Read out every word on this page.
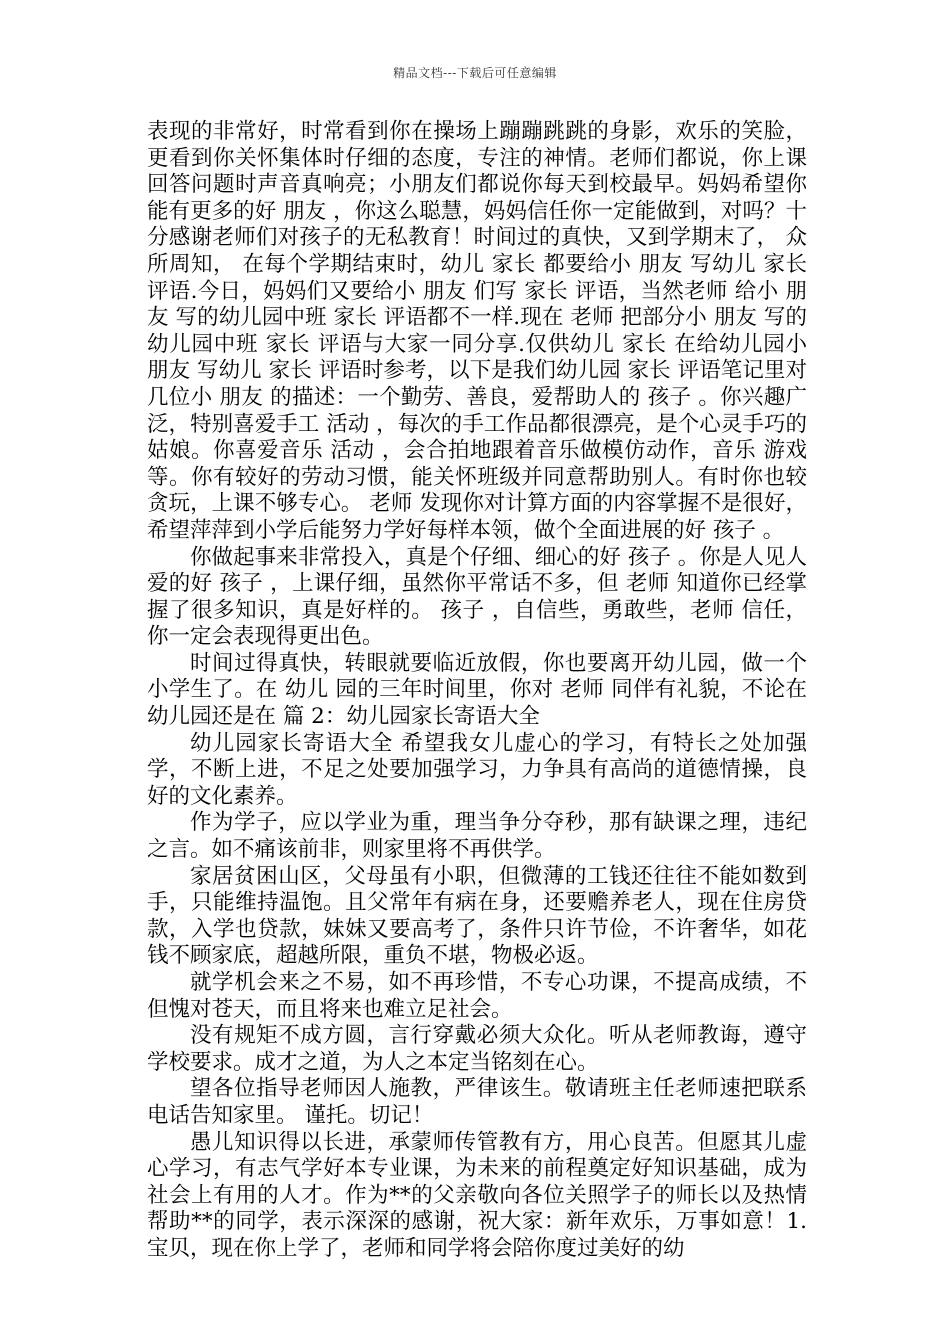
精品文档---下载后可任意编辑

表现的非常好，时常看到你在操场上蹦蹦跳跳的身影，欢乐的笑脸，更看到你关怀集体时仔细的态度，专注的神情。老师们都说，你上课回答问题时声音真响亮；小朋友们都说你每天到校最早。妈妈希望你能有更多的好 朋友 ，你这么聪慧，妈妈信任你一定能做到，对吗？十分感谢老师们对孩子的无私教育！时间过的真快，又到学期末了， 众所周知， 在每个学期结束时，幼儿 家长 都要给小 朋友 写幼儿 家长 评语.今日，妈妈们又要给小 朋友 们写 家长 评语，当然老师 给小 朋友 写的幼儿园中班 家长 评语都不一样.现在 老师 把部分小 朋友 写的幼儿园中班 家长 评语与大家一同分享.仅供幼儿 家长 在给幼儿园小 朋友 写幼儿 家长 评语时参考，以下是我们幼儿园 家长 评语笔记里对几位小 朋友 的描述：一个勤劳、善良，爱帮助人的 孩子 。你兴趣广泛，特别喜爱手工 活动 ，每次的手工作品都很漂亮，是个心灵手巧的姑娘。你喜爱音乐 活动 ，会合拍地跟着音乐做模仿动作，音乐 游戏 等。你有较好的劳动习惯，能关怀班级并同意帮助别人。有时你也较贪玩，上课不够专心。 老师 发现你对计算方面的内容掌握不是很好，希望萍萍到小学后能努力学好每样本领，做个全面进展的好 孩子 。

你做起事来非常投入，真是个仔细、细心的好 孩子 。你是人见人爱的好 孩子 ，上课仔细，虽然你平常话不多，但 老师 知道你已经掌握了很多知识，真是好样的。 孩子 ，自信些，勇敢些，老师 信任，你一定会表现得更出色。

时间过得真快，转眼就要临近放假，你也要离开幼儿园，做一个小学生了。在 幼儿 园的三年时间里，你对 老师 同伴有礼貌，不论在幼儿园还是在 篇 2：幼儿园家长寄语大全

幼儿园家长寄语大全 希望我女儿虚心的学习，有特长之处加强学，不断上进，不足之处要加强学习，力争具有高尚的道德情操，良好的文化素养。

作为学子，应以学业为重，理当争分夺秒，那有缺课之理，违纪之言。如不痛该前非，则家里将不再供学。

家居贫困山区，父母虽有小职，但微薄的工钱还往往不能如数到手，只能维持温饱。且父常年有病在身，还要赡养老人，现在住房贷款，入学也贷款，妹妹又要高考了，条件只许节俭，不许奢华，如花钱不顾家底，超越所限，重负不堪，物极必返。

就学机会来之不易，如不再珍惜，不专心功课，不提高成绩，不但愧对苍天，而且将来也难立足社会。

没有规矩不成方圆，言行穿戴必须大众化。听从老师教诲，遵守学校要求。成才之道，为人之本定当铭刻在心。

望各位指导老师因人施教，严律该生。敬请班主任老师速把联系电话告知家里。 谨托。切记！

愚儿知识得以长进，承蒙师传管教有方，用心良苦。但愿其儿虚心学习，有志气学好本专业课，为未来的前程奠定好知识基础，成为社会上有用的人才。作为**的父亲敬向各位关照学子的师长以及热情帮助**的同学，表示深深的感谢，祝大家：新年欢乐，万事如意！1.宝贝，现在你上学了，老师和同学将会陪你度过美好的幼
